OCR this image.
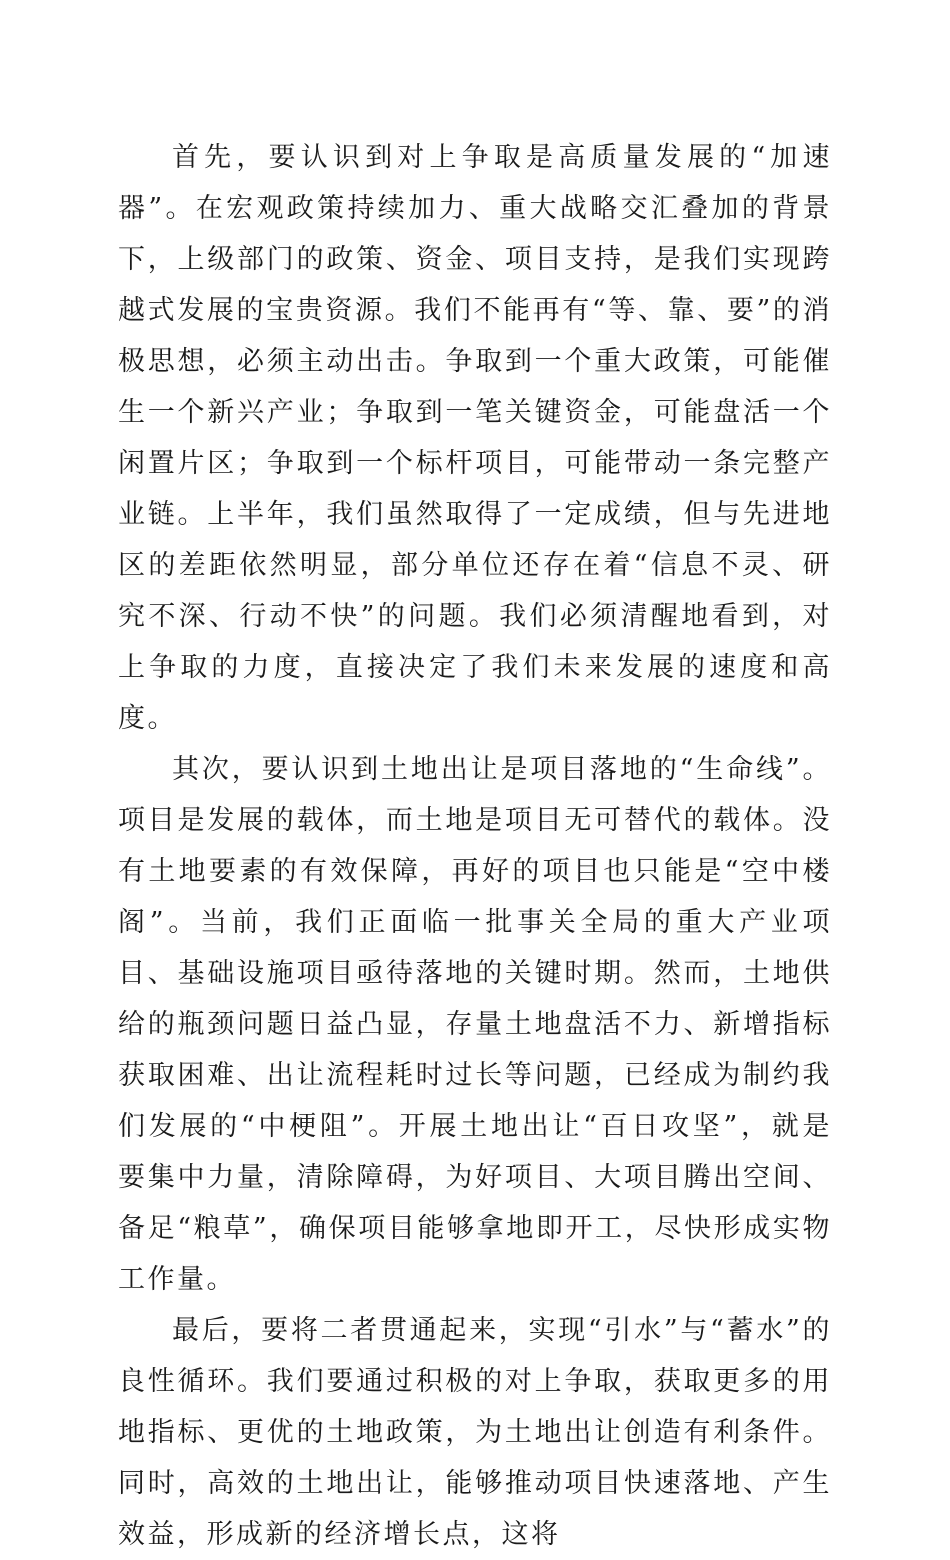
首先，要认识到对上争取是高质量发展的“加速器”。在宏观政策持续加力、重大战略交汇叠加的背景下，上级部门的政策、资金、项目支持，是我们实现跨越式发展的宝贵资源。我们不能再有“等、靠、要”的消极思想，必须主动出击。争取到一个重大政策，可能催生一个新兴产业；争取到一笔关键资金，可能盘活一个闲置片区；争取到一个标杆项目，可能带动一条完整产业链。上半年，我们虽然取得了一定成绩，但与先进地区的差距依然明显，部分单位还存在着“信息不灵、研究不深、行动不快”的问题。我们必须清醒地看到，对上争取的力度，直接决定了我们未来发展的速度和高度。

其次，要认识到土地出让是项目落地的“生命线”。项目是发展的载体，而土地是项目无可替代的载体。没有土地要素的有效保障，再好的项目也只能是“空中楼阁”。当前，我们正面临一批事关全局的重大产业项目、基础设施项目亟待落地的关键时期。然而，土地供给的瓶颈问题日益凸显，存量土地盘活不力、新增指标获取困难、出让流程耗时过长等问题，已经成为制约我们发展的“中梗阻”。开展土地出让“百日攻坚”，就是要集中力量，清除障碍，为好项目、大项目腾出空间、备足“粮草”，确保项目能够拿地即开工，尽快形成实物工作量。

最后，要将二者贯通起来，实现“引水”与“蓄水”的良性循环。我们要通过积极的对上争取，获取更多的用地指标、更优的土地政策，为土地出让创造有利条件。同时，高效的土地出让，能够推动项目快速落地、产生效益，形成新的经济增长点，这将
